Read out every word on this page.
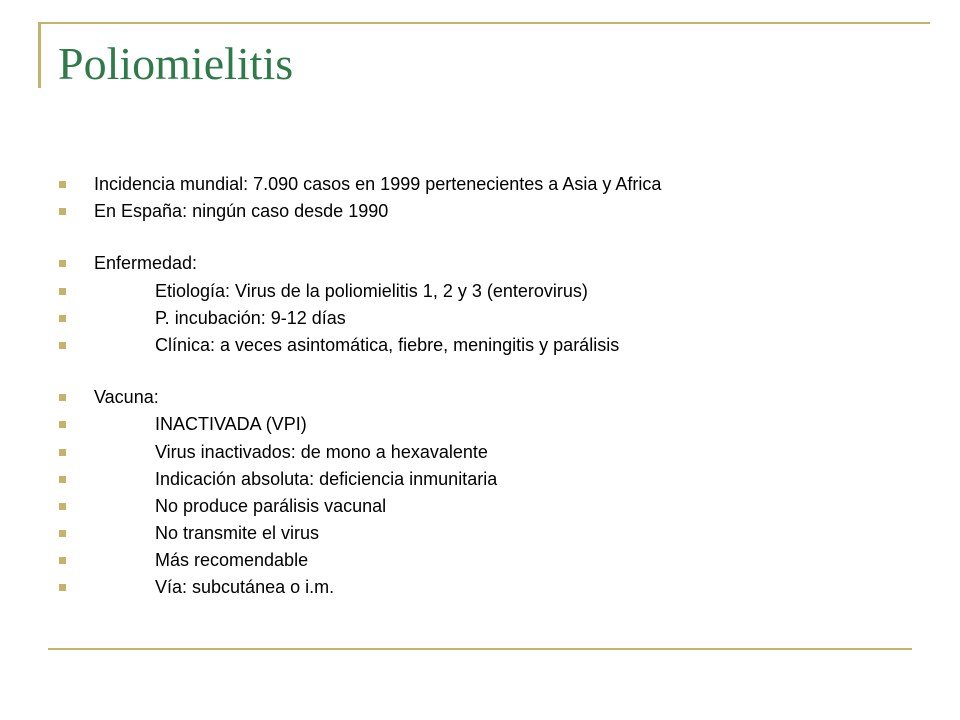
Poliomielitis
Incidencia mundial: 7.090 casos en 1999 pertenecientes a Asia y Africa
En España: ningún caso desde 1990
Enfermedad:
Etiología: Virus de la poliomielitis 1, 2 y 3 (enterovirus)
P. incubación: 9-12 días
Clínica: a veces asintomática, fiebre, meningitis y parálisis
Vacuna:
INACTIVADA (VPI)
Virus inactivados: de mono a hexavalente
Indicación absoluta: deficiencia inmunitaria
No produce parálisis vacunal
No transmite el virus
Más recomendable
Vía: subcutánea o i.m.
